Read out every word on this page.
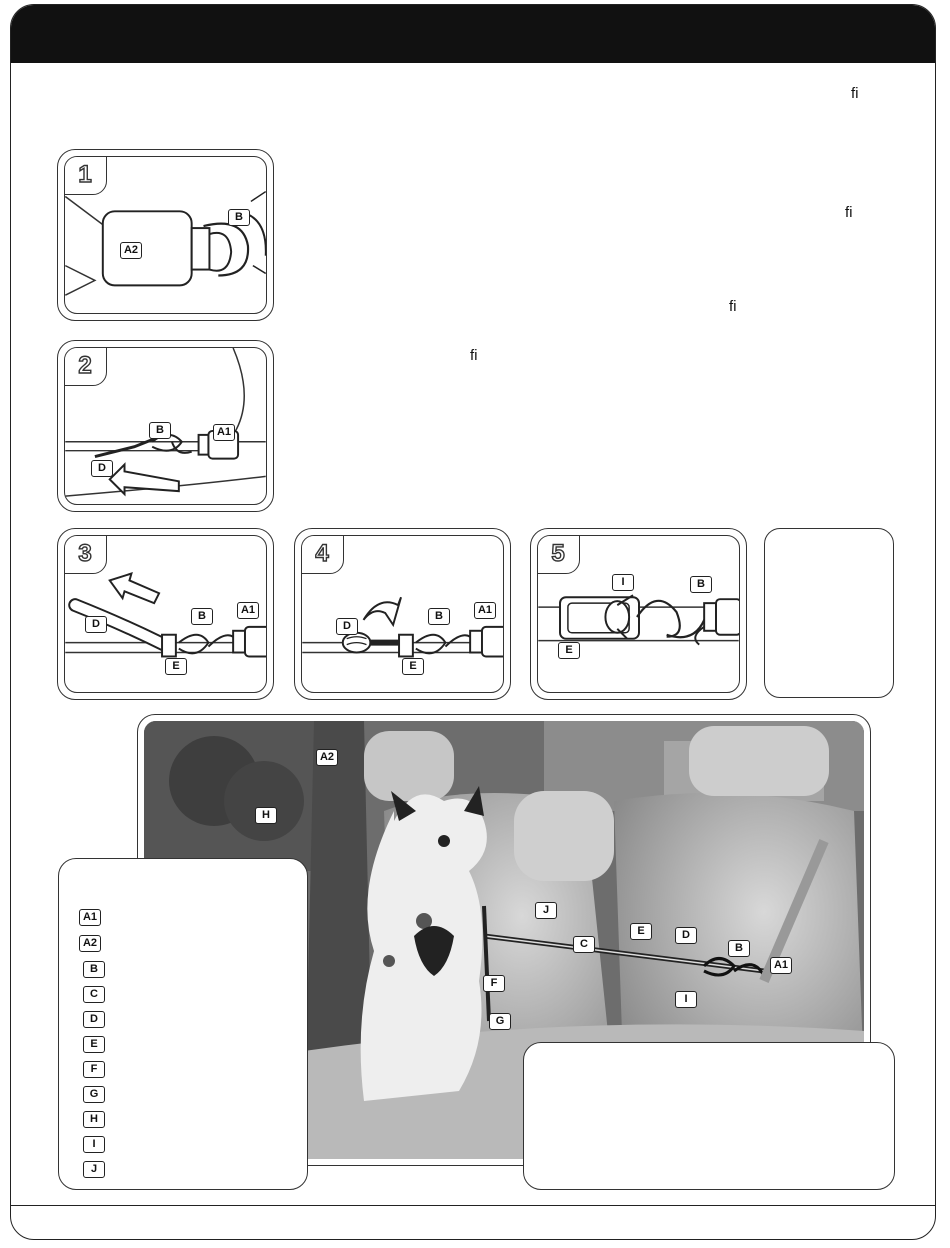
ﬁ
ﬁ
ﬁ
ﬁ
1
A2
B
2
B	A1
D
3
D
B	A1
E
4
D
B	A1
E
5
I	B
E
A2
H
J
C
E	D
B
A1
F
I
G
A1
A2
B
C
D
E
F
G
H
I
J
